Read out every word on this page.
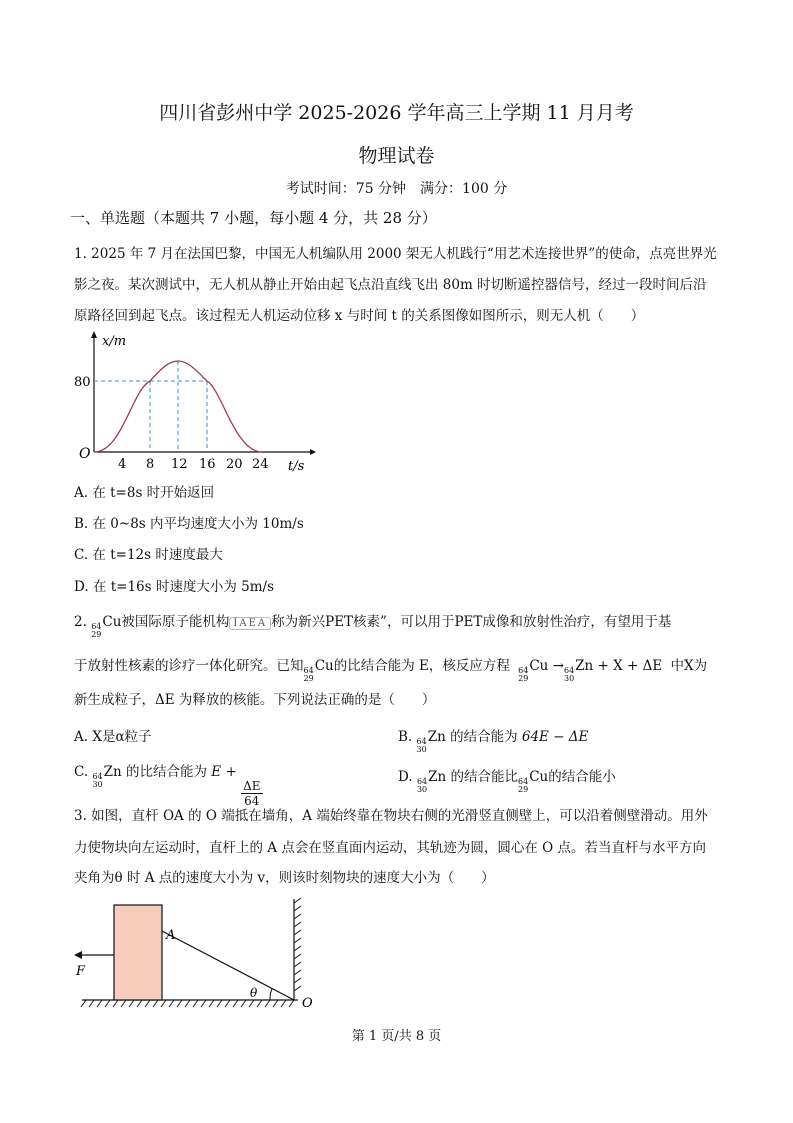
四川省彭州中学 2025-2026 学年高三上学期 11 月月考
物理试卷
考试时间：75 分钟　满分：100 分
一、单选题（本题共 7 小题，每小题 4 分，共 28 分）
1. 2025 年 7 月在法国巴黎，中国无人机编队用 2000 架无人机践行“用艺术连接世界”的使命，点亮世界光
影之夜。某次测试中，无人机从静止开始由起飞点沿直线飞出 80m 时切断遥控器信号，经过一段时间后沿
原路径回到起飞点。该过程无人机运动位移 x 与时间 t 的关系图像如图所示，则无人机（　　）
x/m
80
O
4 8 12 16 20 24 t/s
A. 在 t=8s 时开始返回
B. 在 0~8s 内平均速度大小为 10m/s
C. 在 t=12s 时速度最大
D. 在 t=16s 时速度大小为 5m/s
2. 64
29
Cu被国际原子能机构 IAEA 称为新兴PET核素”，可以用于PET成像和放射性治疗，有望用于基
于放射性核素的诊疗一体化研究。已知 64
29
Cu的比结合能为 E，核反应方程 64
29
Cu → 64
30
Zn + X + ΔE 中X为
新生成粒子，ΔE 为释放的核能。下列说法正确的是（　　）
A. X是α粒子	B. 64
30
Zn 的结合能为 64E − ΔE
C. 64
30
Zn 的比结合能为 E +
$\frac{\Delta E}{64}$
D. 64
30
Zn 的结合能比 64
29
Cu的结合能小
3. 如图，直杆 OA 的 O 端抵在墙角，A 端始终靠在物块右侧的光滑竖直侧壁上，可以沿着侧壁滑动。用外
力使物块向左运动时，直杆上的 A 点会在竖直面内运动，其轨迹为圆，圆心在 O 点。若当直杆与水平方向
夹角为θ 时 A 点的速度大小为 v，则该时刻物块的速度大小为（　　）
A
F
θ
O
第 1 页/共 8 页
